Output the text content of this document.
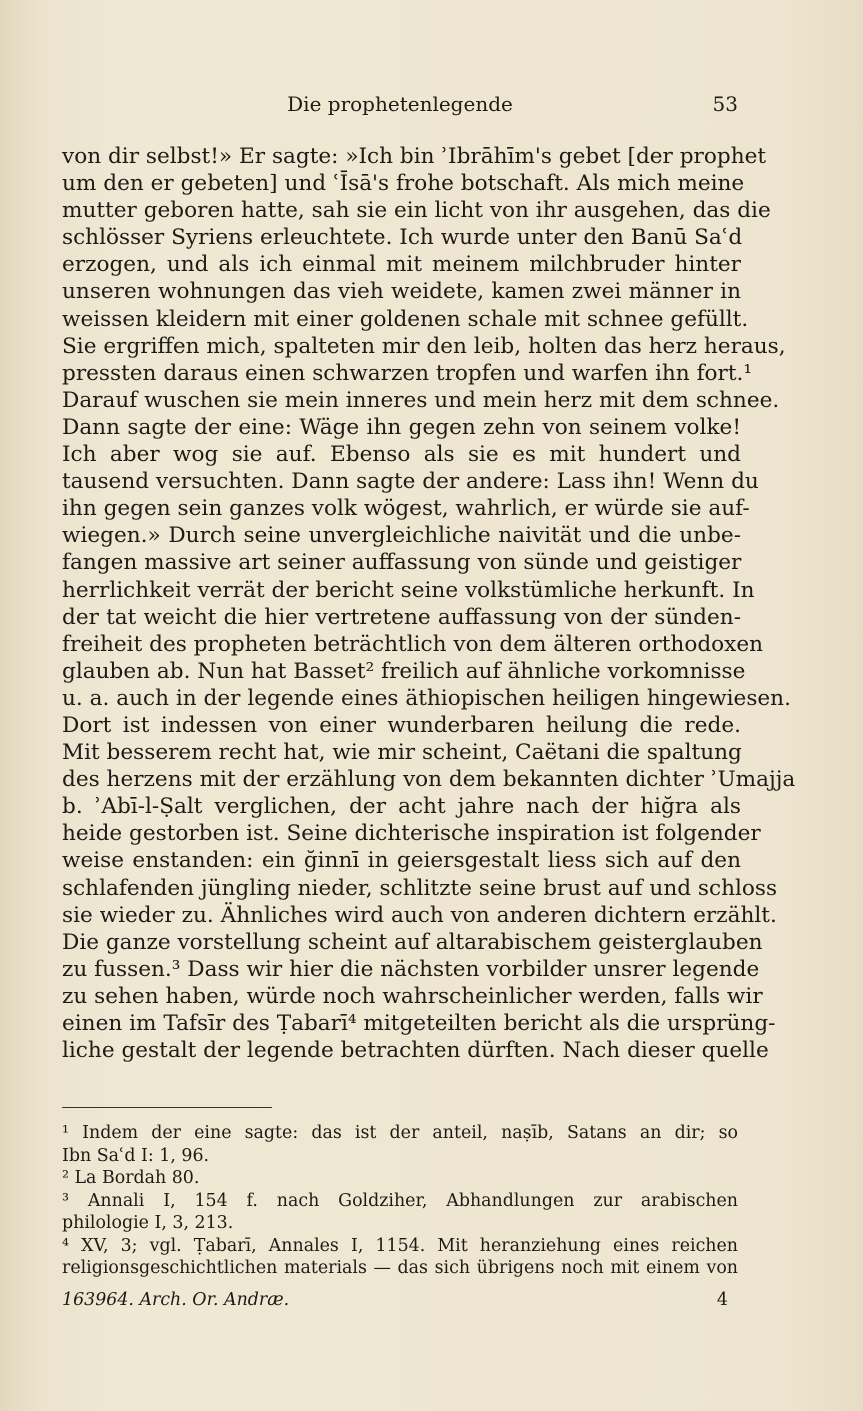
Die prophetenlegende	53
von dir selbst!» Er sagte: »Ich bin ʾIbrāhīm's gebet [der prophet
um den er gebeten] und ʿĪsā's frohe botschaft. Als mich meine
mutter geboren hatte, sah sie ein licht von ihr ausgehen, das die
schlösser Syriens erleuchtete. Ich wurde unter den Banū Saʿd
erzogen, und als ich einmal mit meinem milchbruder hinter
unseren wohnungen das vieh weidete, kamen zwei männer in
weissen kleidern mit einer goldenen schale mit schnee gefüllt.
Sie ergriffen mich, spalteten mir den leib, holten das herz heraus,
pressten daraus einen schwarzen tropfen und warfen ihn fort.¹
Darauf wuschen sie mein inneres und mein herz mit dem schnee.
Dann sagte der eine: Wäge ihn gegen zehn von seinem volke!
Ich aber wog sie auf. Ebenso als sie es mit hundert und
tausend versuchten. Dann sagte der andere: Lass ihn! Wenn du
ihn gegen sein ganzes volk wögest, wahrlich, er würde sie auf-
wiegen.» Durch seine unvergleichliche naivität und die unbe-
fangen massive art seiner auffassung von sünde und geistiger
herrlichkeit verrät der bericht seine volkstümliche herkunft. In
der tat weicht die hier vertretene auffassung von der sünden-
freiheit des propheten beträchtlich von dem älteren orthodoxen
glauben ab. Nun hat Basset² freilich auf ähnliche vorkomnisse
u. a. auch in der legende eines äthiopischen heiligen hingewiesen.
Dort ist indessen von einer wunderbaren heilung die rede.
Mit besserem recht hat, wie mir scheint, Caëtani die spaltung
des herzens mit der erzählung von dem bekannten dichter ʾUmajja
b. ʾAbī-l-Ṣalt verglichen, der acht jahre nach der hiğra als
heide gestorben ist. Seine dichterische inspiration ist folgender
weise enstanden: ein ğinnī in geiersgestalt liess sich auf den
schlafenden jüngling nieder, schlitzte seine brust auf und schloss
sie wieder zu. Ähnliches wird auch von anderen dichtern erzählt.
Die ganze vorstellung scheint auf altarabischem geisterglauben
zu fussen.³ Dass wir hier die nächsten vorbilder unsrer legende
zu sehen haben, würde noch wahrscheinlicher werden, falls wir
einen im Tafsīr des Ṭabarī⁴ mitgeteilten bericht als die ursprüng-
liche gestalt der legende betrachten dürften. Nach dieser quelle
¹ Indem der eine sagte: das ist der anteil, naṣīb, Satans an dir; so
Ibn Saʿd I: 1, 96.
² La Bordah 80.
³ Annali I, 154 f. nach Goldziher, Abhandlungen zur arabischen
philologie I, 3, 213.
⁴ XV, 3; vgl. Ṭabarī, Annales I, 1154. Mit heranziehung eines reichen
religionsgeschichtlichen materials — das sich übrigens noch mit einem von
163964. Arch. Or. Andræ.	4
